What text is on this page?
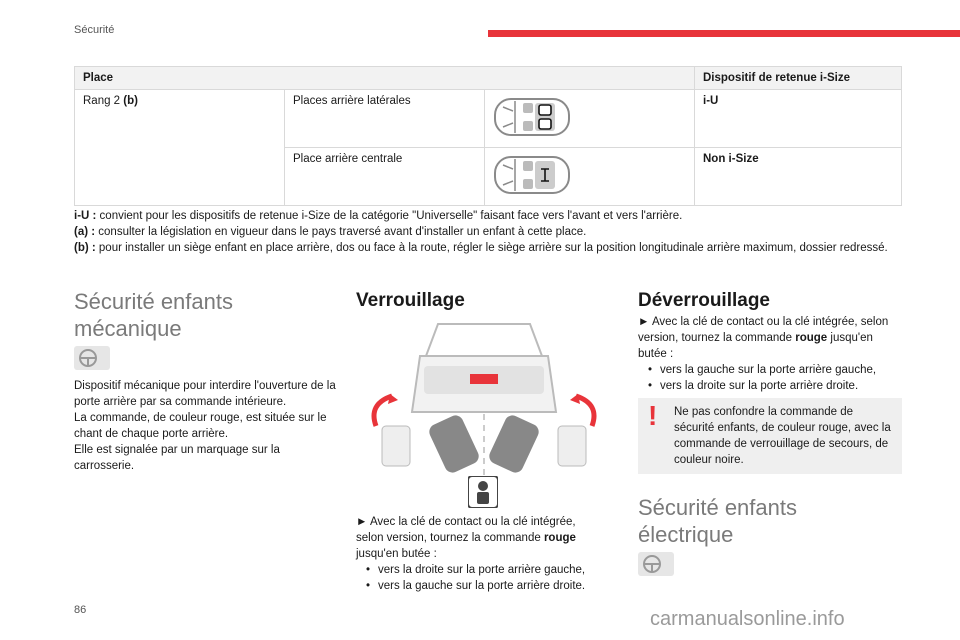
Sécurité
Place			Dispositif de retenue i-Size
Rang 2 (b)	Places arrière latérales		i-U
	Place arrière centrale		Non i-Size
i-U : convient pour les dispositifs de retenue i-Size de la catégorie "Universelle" faisant face vers l'avant et vers l'arrière.
(a) : consulter la législation en vigueur dans le pays traversé avant d'installer un enfant à cette place.
(b) : pour installer un siège enfant en place arrière, dos ou face à la route, régler le siège arrière sur la position longitudinale arrière maximum, dossier redressé.
Sécurité enfants
mécanique
Dispositif mécanique pour interdire l'ouverture de la porte arrière par sa commande intérieure.
La commande, de couleur rouge, est située sur le chant de chaque porte arrière.
Elle est signalée par un marquage sur la carrosserie.
Verrouillage
► Avec la clé de contact ou la clé intégrée, selon version, tournez la commande rouge jusqu'en butée :
• vers la droite sur la porte arrière gauche,
• vers la gauche sur la porte arrière droite.
Déverrouillage
► Avec la clé de contact ou la clé intégrée, selon version, tournez la commande rouge jusqu'en butée :
• vers la gauche sur la porte arrière gauche,
• vers la droite sur la porte arrière droite.
Ne pas confondre la commande de sécurité enfants, de couleur rouge, avec la commande de verrouillage de secours, de couleur noire.
!
Sécurité enfants
électrique
86	carmanualsonline.info
